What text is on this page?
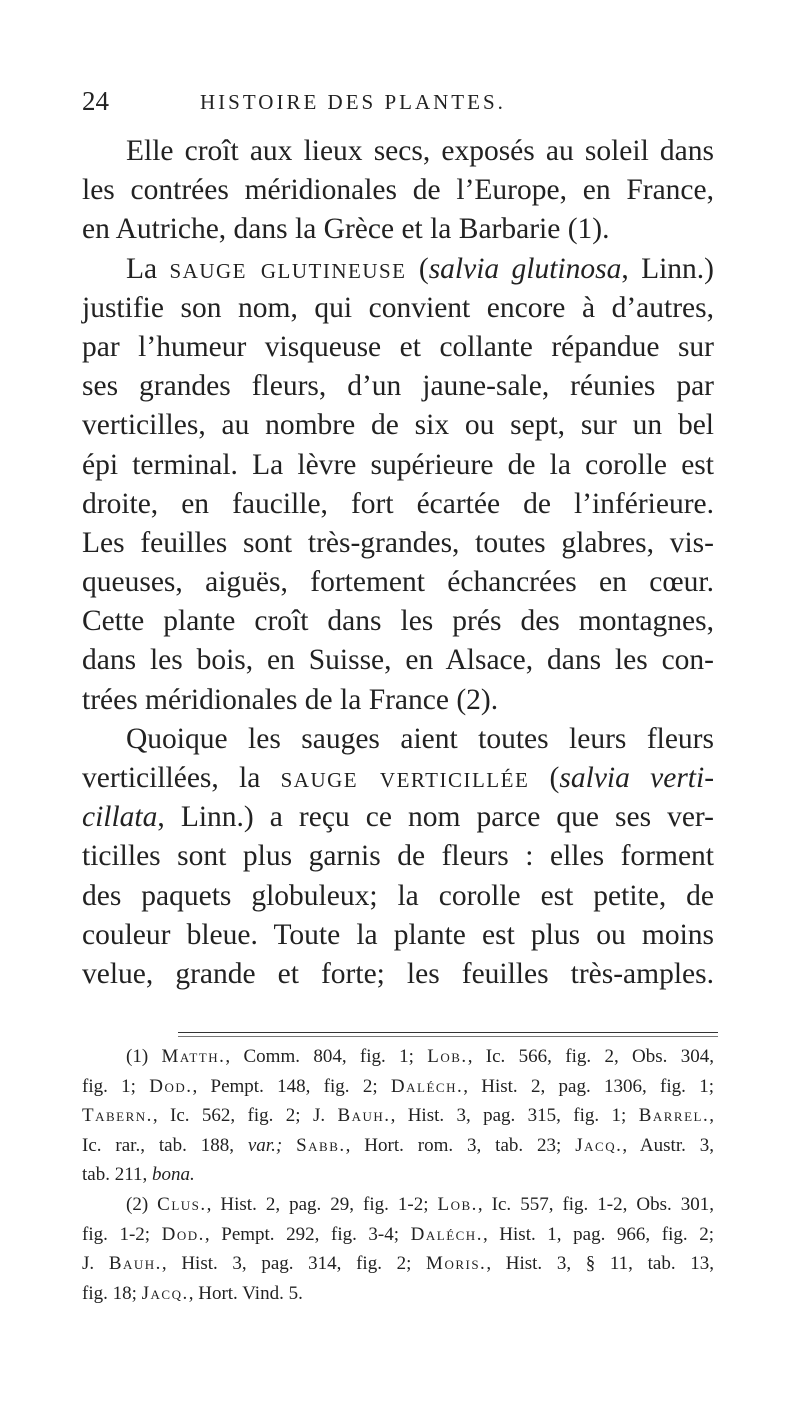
24	HISTOIRE DES PLANTES.
Elle croît aux lieux secs, exposés au soleil dans
les contrées méridionales de l’Europe, en France,
en Autriche, dans la Grèce et la Barbarie (1).
La sauge glutineuse (salvia glutinosa, Linn.)
justifie son nom, qui convient encore à d’autres,
par l’humeur visqueuse et collante répandue sur
ses grandes fleurs, d’un jaune-sale, réunies par
verticilles, au nombre de six ou sept, sur un bel
épi terminal. La lèvre supérieure de la corolle est
droite, en faucille, fort écartée de l’inférieure.
Les feuilles sont très-grandes, toutes glabres, vis-
queuses, aiguës, fortement échancrées en cœur.
Cette plante croît dans les prés des montagnes,
dans les bois, en Suisse, en Alsace, dans les con-
trées méridionales de la France (2).
Quoique les sauges aient toutes leurs fleurs
verticillées, la sauge verticillée (salvia verti-
cillata, Linn.) a reçu ce nom parce que ses ver-
ticilles sont plus garnis de fleurs : elles forment
des paquets globuleux; la corolle est petite, de
couleur bleue. Toute la plante est plus ou moins
velue, grande et forte; les feuilles très-amples.
(1) Matth., Comm. 804, fig. 1; Lob., Ic. 566, fig. 2, Obs. 304,
fig. 1; Dod., Pempt. 148, fig. 2; Daléch., Hist. 2, pag. 1306, fig. 1;
Tabern., Ic. 562, fig. 2; J. Bauh., Hist. 3, pag. 315, fig. 1; Barrel.,
Ic. rar., tab. 188, var.; Sabb., Hort. rom. 3, tab. 23; Jacq., Austr. 3,
tab. 211, bona.
(2) Clus., Hist. 2, pag. 29, fig. 1-2; Lob., Ic. 557, fig. 1-2, Obs. 301,
fig. 1-2; Dod., Pempt. 292, fig. 3-4; Daléch., Hist. 1, pag. 966, fig. 2;
J. Bauh., Hist. 3, pag. 314, fig. 2; Moris., Hist. 3, § 11, tab. 13,
fig. 18; Jacq., Hort. Vind. 5.
